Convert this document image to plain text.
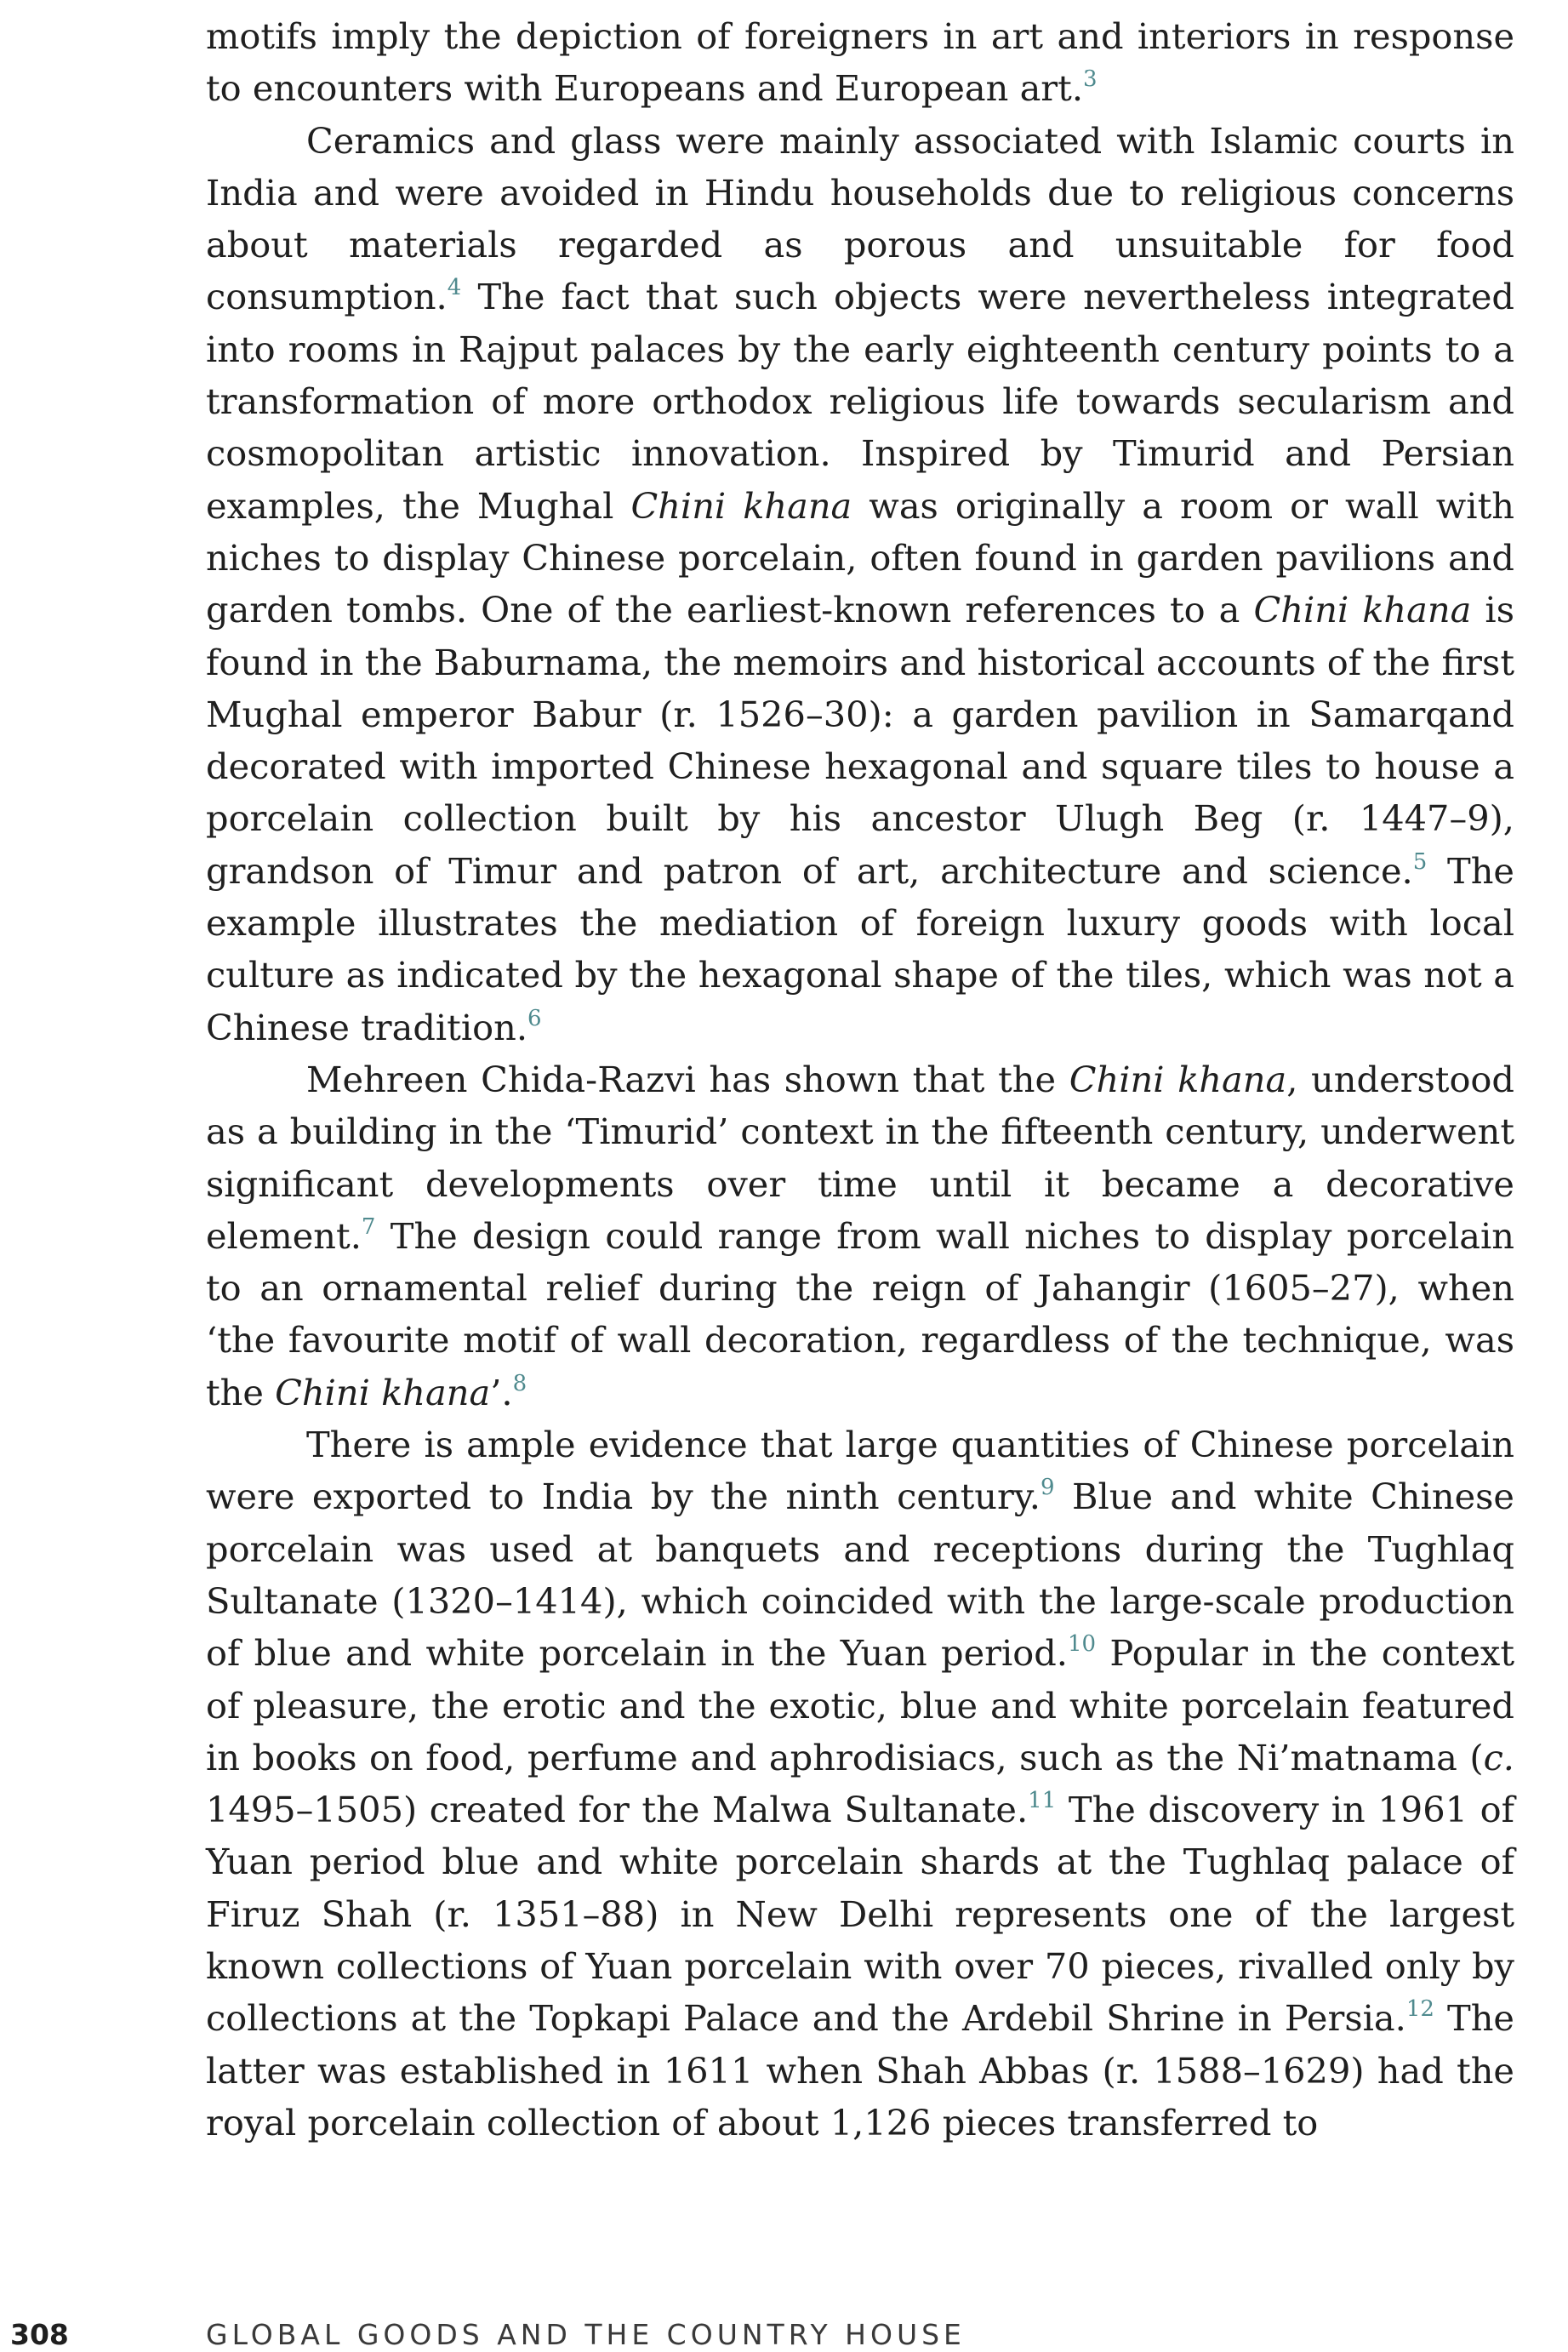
motifs imply the depiction of foreigners in art and interiors in response to encounters with Europeans and European art.$^3$

Ceramics and glass were mainly associated with Islamic courts in India and were avoided in Hindu households due to religious concerns about materials regarded as porous and unsuitable for food consumption.$^4$ The fact that such objects were nevertheless integrated into rooms in Rajput palaces by the early eighteenth century points to a transformation of more orthodox religious life towards secularism and cosmopolitan artistic innovation. Inspired by Timurid and Persian examples, the Mughal Chini khana was originally a room or wall with niches to display Chinese porcelain, often found in garden pavilions and garden tombs. One of the earliest-known references to a Chini khana is found in the Baburnama, the memoirs and historical accounts of the first Mughal emperor Babur (r. 1526–30): a garden pavilion in Samarqand decorated with imported Chinese hexagonal and square tiles to house a porcelain collection built by his ancestor Ulugh Beg (r. 1447–9), grandson of Timur and patron of art, architecture and science.$^5$ The example illustrates the mediation of foreign luxury goods with local culture as indicated by the hexagonal shape of the tiles, which was not a Chinese tradition.$^6$

Mehreen Chida-Razvi has shown that the Chini khana, understood as a building in the ‘Timurid’ context in the fifteenth century, underwent significant developments over time until it became a decorative element.$^7$ The design could range from wall niches to display porcelain to an ornamental relief during the reign of Jahangir (1605–27), when ‘the favourite motif of wall decoration, regardless of the technique, was the Chini khana’.$^8$

There is ample evidence that large quantities of Chinese porcelain were exported to India by the ninth century.$^9$ Blue and white Chinese porcelain was used at banquets and receptions during the Tughlaq Sultanate (1320–1414), which coincided with the large-scale production of blue and white porcelain in the Yuan period.$^{10}$ Popular in the context of pleasure, the erotic and the exotic, blue and white porcelain featured in books on food, perfume and aphrodisiacs, such as the Ni’matnama (c. 1495–1505) created for the Malwa Sultanate.$^{11}$ The discovery in 1961 of Yuan period blue and white porcelain shards at the Tughlaq palace of Firuz Shah (r. 1351–88) in New Delhi represents one of the largest known collections of Yuan porcelain with over 70 pieces, rivalled only by collections at the Topkapi Palace and the Ardebil Shrine in Persia.$^{12}$ The latter was established in 1611 when Shah Abbas (r. 1588–1629) had the royal porcelain collection of about 1,126 pieces transferred to

308	GLOBAL GOODS AND THE COUNTRY HOUSE
